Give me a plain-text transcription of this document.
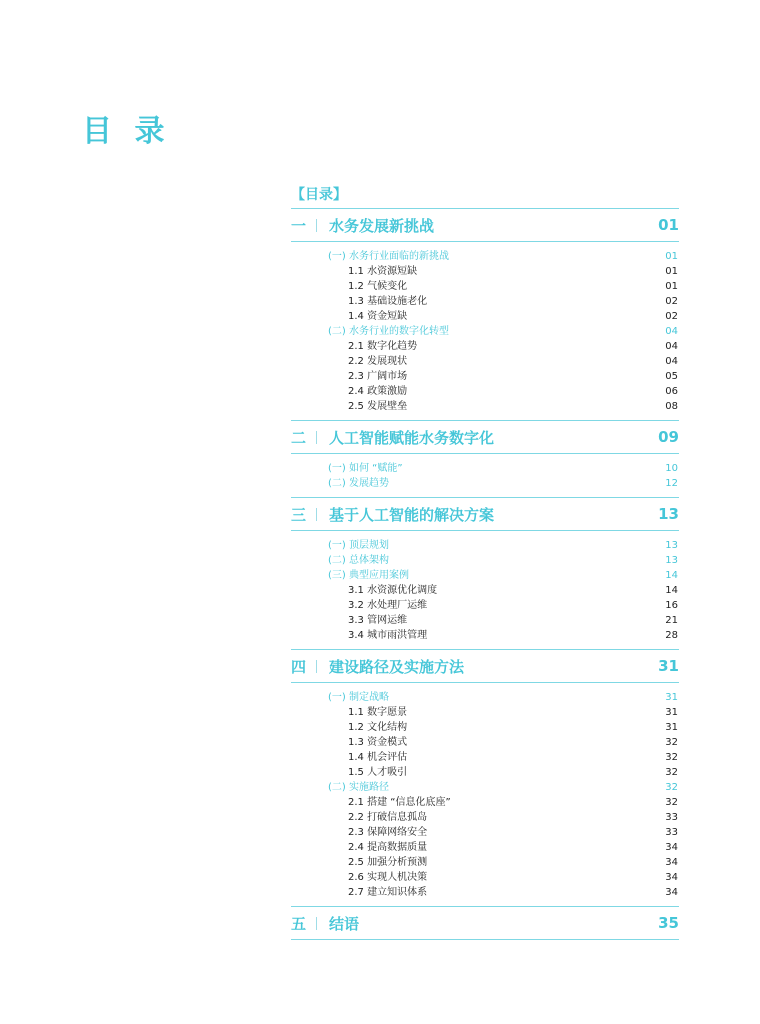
目 录
【目录】
一	水务发展新挑战	01
(一) 水务行业面临的新挑战	01
1.1 水资源短缺	01
1.2 气候变化	01
1.3 基础设施老化	02
1.4 资金短缺	02
(二) 水务行业的数字化转型	04
2.1 数字化趋势	04
2.2 发展现状	04
2.3 广阔市场	05
2.4 政策激励	06
2.5 发展壁垒	08
二	人工智能赋能水务数字化	09
(一) 如何 “赋能”	10
(二) 发展趋势	12
三	基于人工智能的解决方案	13
(一) 顶层规划	13
(二) 总体架构	13
(三) 典型应用案例	14
3.1 水资源优化调度	14
3.2 水处理厂运维	16
3.3 管网运维	21
3.4 城市雨洪管理	28
四	建设路径及实施方法	31
(一) 制定战略	31
1.1 数字愿景	31
1.2 文化结构	31
1.3 资金模式	32
1.4 机会评估	32
1.5 人才吸引	32
(二) 实施路径	32
2.1 搭建 “信息化底座”	32
2.2 打破信息孤岛	33
2.3 保障网络安全	33
2.4 提高数据质量	34
2.5 加强分析预测	34
2.6 实现人机决策	34
2.7 建立知识体系	34
五	结语	35
